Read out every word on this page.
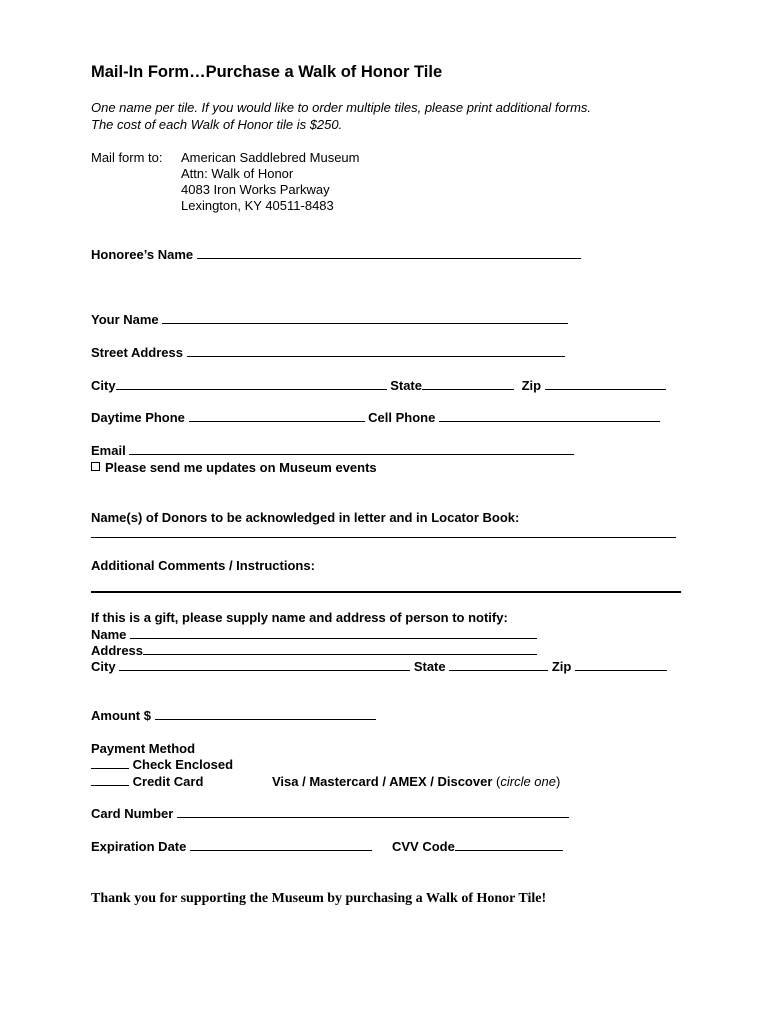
Mail-In Form…Purchase a Walk of Honor Tile
One name per tile. If you would like to order multiple tiles, please print additional forms.
The cost of each Walk of Honor tile is $250.
Mail form to: American Saddlebred Museum
Attn: Walk of Honor
4083 Iron Works Parkway
Lexington, KY 40511-8483
Honoree’s Name
Your Name
Street Address
City	State	Zip
Daytime Phone	Cell Phone
Email
Please send me updates on Museum events
Name(s) of Donors to be acknowledged in letter and in Locator Book:
Additional Comments / Instructions:
If this is a gift, please supply name and address of person to notify:
Name
Address
City	State	Zip
Amount $
Payment Method
Check Enclosed
Credit Card	Visa / Mastercard / AMEX / Discover (circle one)
Card Number
Expiration Date	CVV Code
Thank you for supporting the Museum by purchasing a Walk of Honor Tile!
